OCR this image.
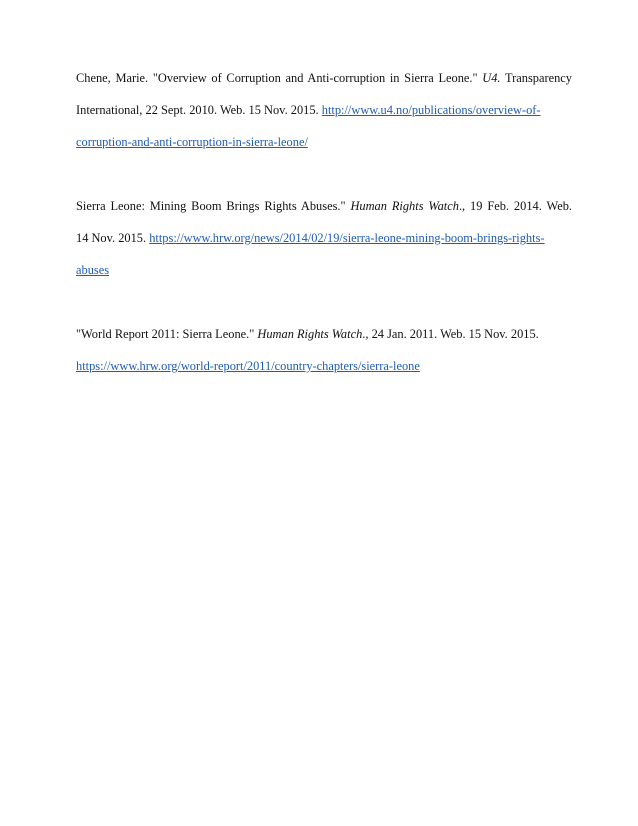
Chene, Marie. "Overview of Corruption and Anti-corruption in Sierra Leone." U4. Transparency
International, 22 Sept. 2010. Web. 15 Nov. 2015. http://www.u4.no/publications/overview-of-
corruption-and-anti-corruption-in-sierra-leone/
Sierra Leone: Mining Boom Brings Rights Abuses." Human Rights Watch., 19 Feb. 2014. Web.
14 Nov. 2015. https://www.hrw.org/news/2014/02/19/sierra-leone-mining-boom-brings-rights-
abuses
"World Report 2011: Sierra Leone." Human Rights Watch., 24 Jan. 2011. Web. 15 Nov. 2015.
https://www.hrw.org/world-report/2011/country-chapters/sierra-leone
